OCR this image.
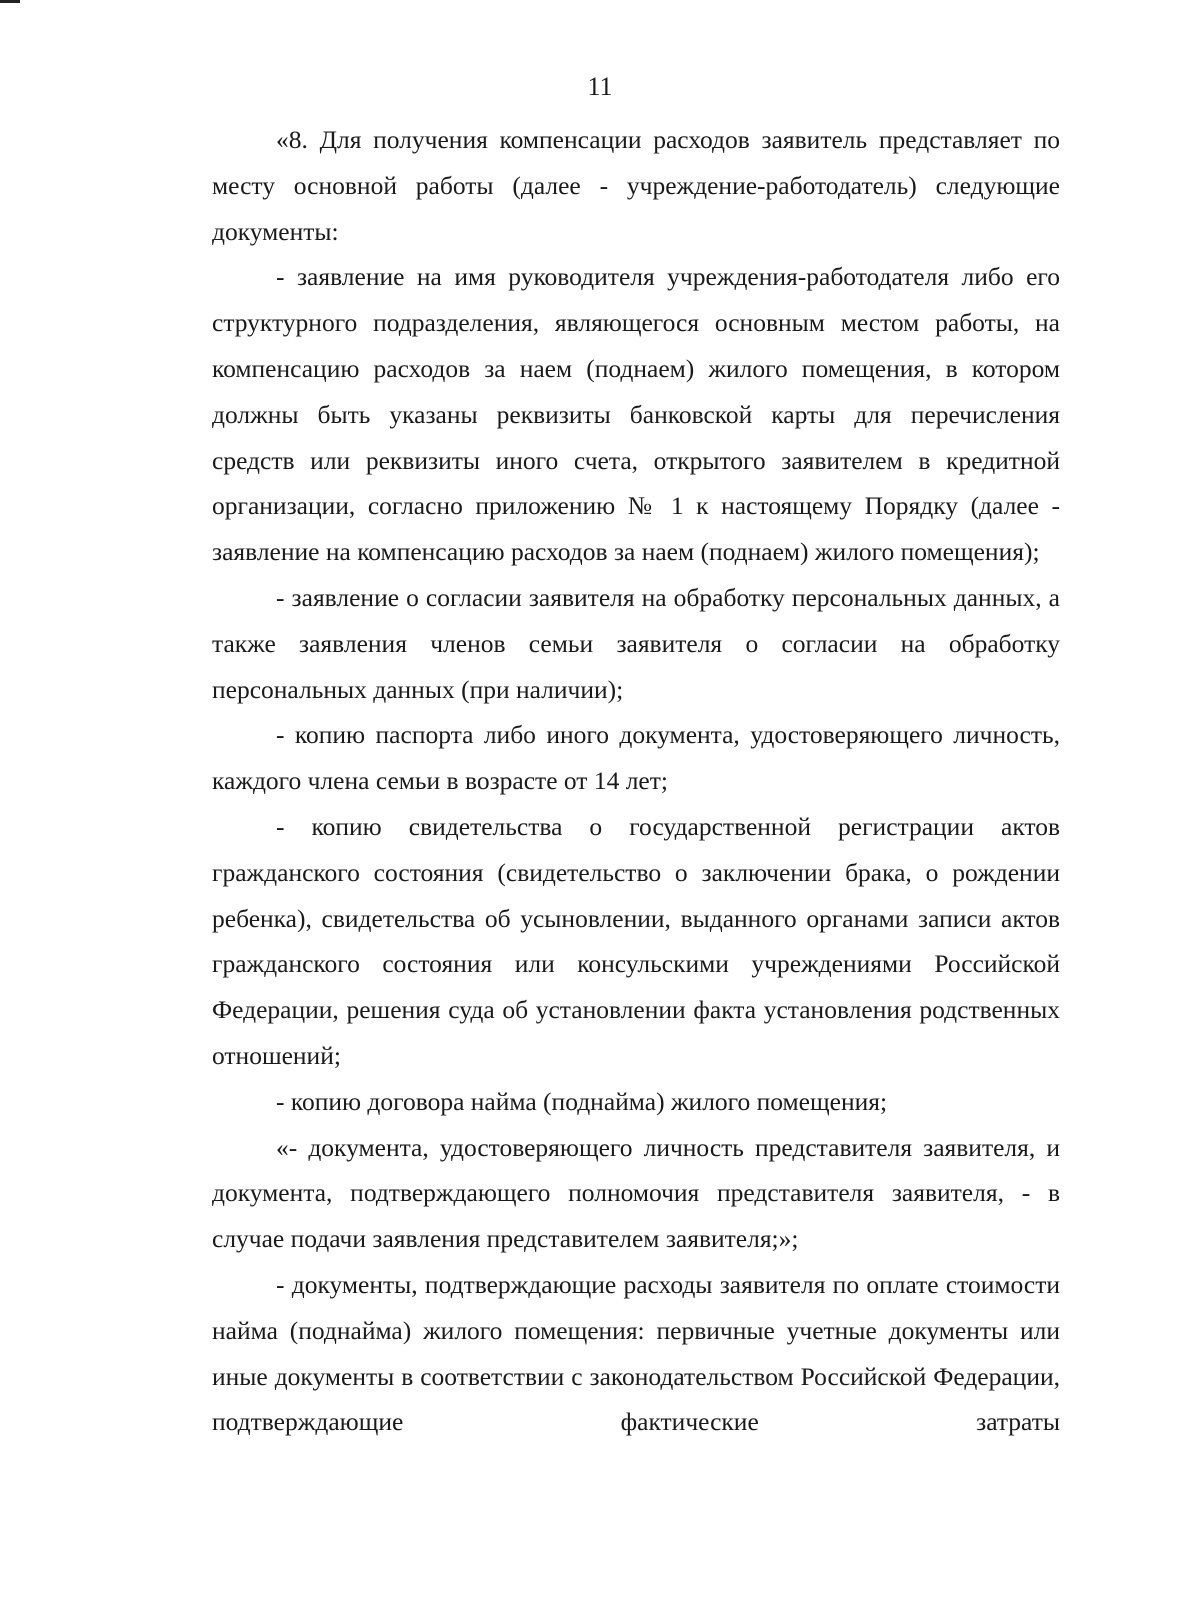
11

«8. Для получения компенсации расходов заявитель представляет по месту основной работы (далее - учреждение-работодатель) следующие документы:

- заявление на имя руководителя учреждения-работодателя либо его структурного подразделения, являющегося основным местом работы, на компенсацию расходов за наем (поднаем) жилого помещения, в котором должны быть указаны реквизиты банковской карты для перечисления средств или реквизиты иного счета, открытого заявителем в кредитной организации, согласно приложению № 1 к настоящему Порядку (далее - заявление на компенсацию расходов за наем (поднаем) жилого помещения);

- заявление о согласии заявителя на обработку персональных данных, а также заявления членов семьи заявителя о согласии на обработку персональных данных (при наличии);

- копию паспорта либо иного документа, удостоверяющего личность, каждого члена семьи в возрасте от 14 лет;

- копию свидетельства о государственной регистрации актов гражданского состояния (свидетельство о заключении брака, о рождении ребенка), свидетельства об усыновлении, выданного органами записи актов гражданского состояния или консульскими учреждениями Российской Федерации, решения суда об установлении факта установления родственных отношений;

- копию договора найма (поднайма) жилого помещения;

«- документа, удостоверяющего личность представителя заявителя, и документа, подтверждающего полномочия представителя заявителя, - в случае подачи заявления представителем заявителя;»;

- документы, подтверждающие расходы заявителя по оплате стоимости найма (поднайма) жилого помещения: первичные учетные документы или иные документы в соответствии с законодательством Российской Федерации, подтверждающие фактические затраты
